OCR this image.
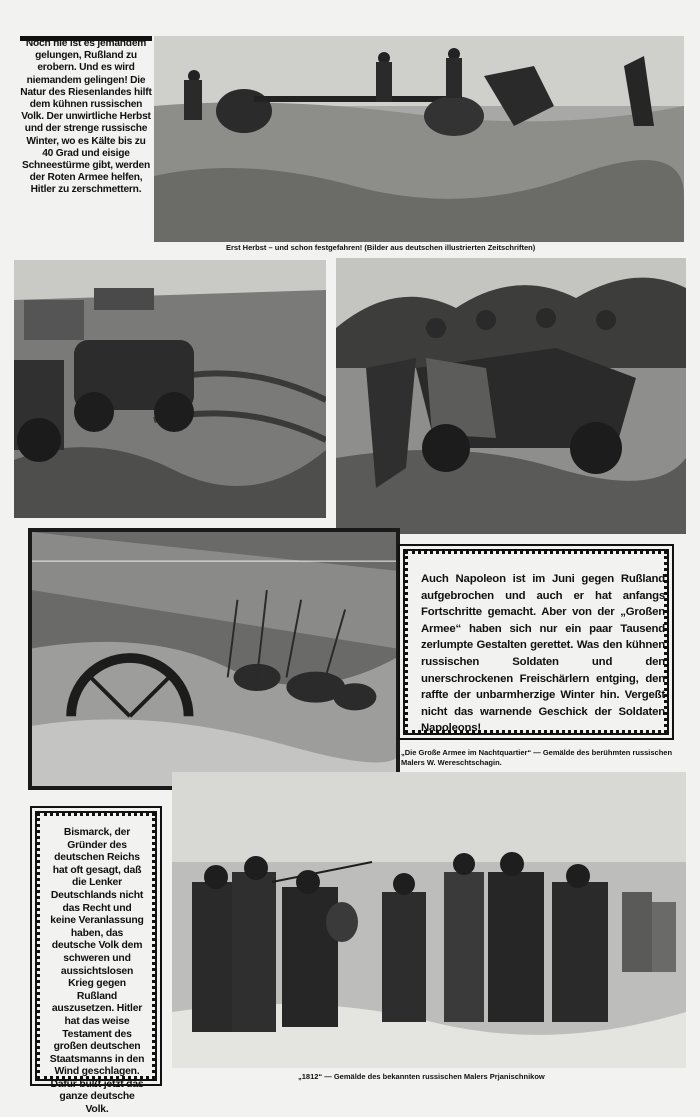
Noch nie ist es jemandem gelungen, Rußland zu erobern. Und es wird niemandem gelingen! Die Natur des Riesenlandes hilft dem kühnen russischen Volk. Der unwirtliche Herbst und der strenge russische Winter, wo es Kälte bis zu 40 Grad und eisige Schneestürme gibt, werden der Roten Armee helfen, Hitler zu zerschmettern.
Erst Herbst – und schon festgefahren! (Bilder aus deutschen illustrierten Zeitschriften)
Auch Napoleon ist im Juni gegen Rußland aufgebrochen und auch er hat anfangs Fortschritte gemacht. Aber von der „Großen Armee“ haben sich nur ein paar Tausend zerlumpte Gestalten gerettet. Was den kühnen russischen Soldaten und den unerschrockenen Freischärlern entging, den raffte der unbarmherzige Winter hin. Vergeßt nicht das warnende Geschick der Soldaten Napoleons!
„Die Große Armee im Nachtquartier“ — Gemälde des berühmten russischen Malers W. Wereschtschagin.
Bismarck, der Gründer des deutschen Reichs hat oft gesagt, daß die Lenker Deutschlands nicht das Recht und keine Veranlassung haben, das deutsche Volk dem schweren und aussichtslosen Krieg gegen Rußland auszusetzen. Hitler hat das weise Testament des großen deutschen Staatsmanns in den Wind geschlagen. Dafür büßt jetzt das ganze deutsche Volk.
„1812“ — Gemälde des bekannten russischen Malers Prjanischnikow
